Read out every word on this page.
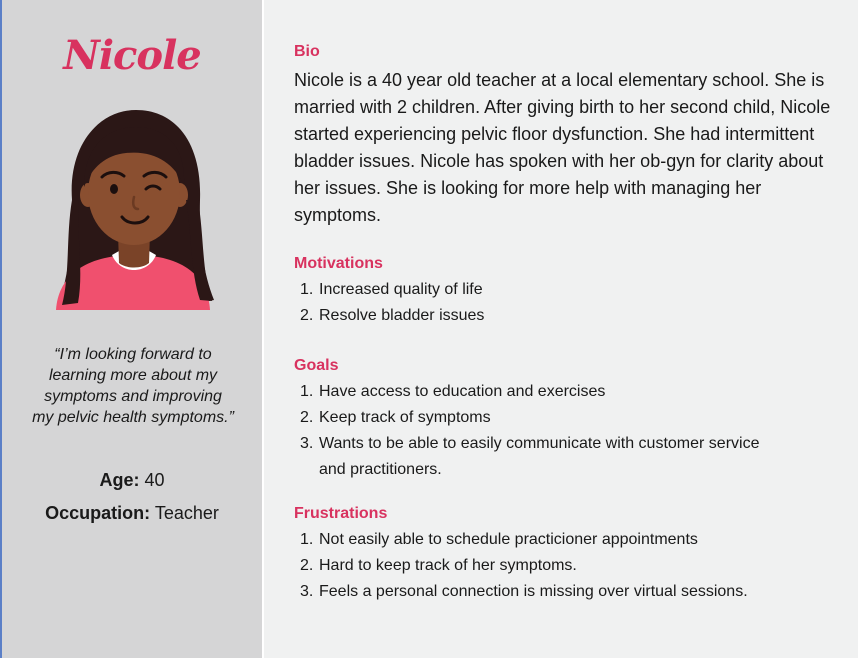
Nicole
“I’m looking forward to learning more about my symptoms and improving my pelvic health symptoms.”
Age: 40
Occupation: Teacher
Bio
Nicole is a 40 year old teacher at a local elementary school. She is married with 2 children. After giving birth to her second child, Nicole started experiencing pelvic floor dysfunction. She had intermittent bladder issues. Nicole has spoken with her ob-gyn for clarity about her issues. She is looking for more help with managing her symptoms.
Motivations
1. Increased quality of life
2. Resolve bladder issues
Goals
1. Have access to education and exercises
2. Keep track of symptoms
3. Wants to be able to easily communicate with customer service and practitioners.
Frustrations
1. Not easily able to schedule practicioner appointments
2. Hard to keep track of her symptoms.
3. Feels a personal connection is missing over virtual sessions.
